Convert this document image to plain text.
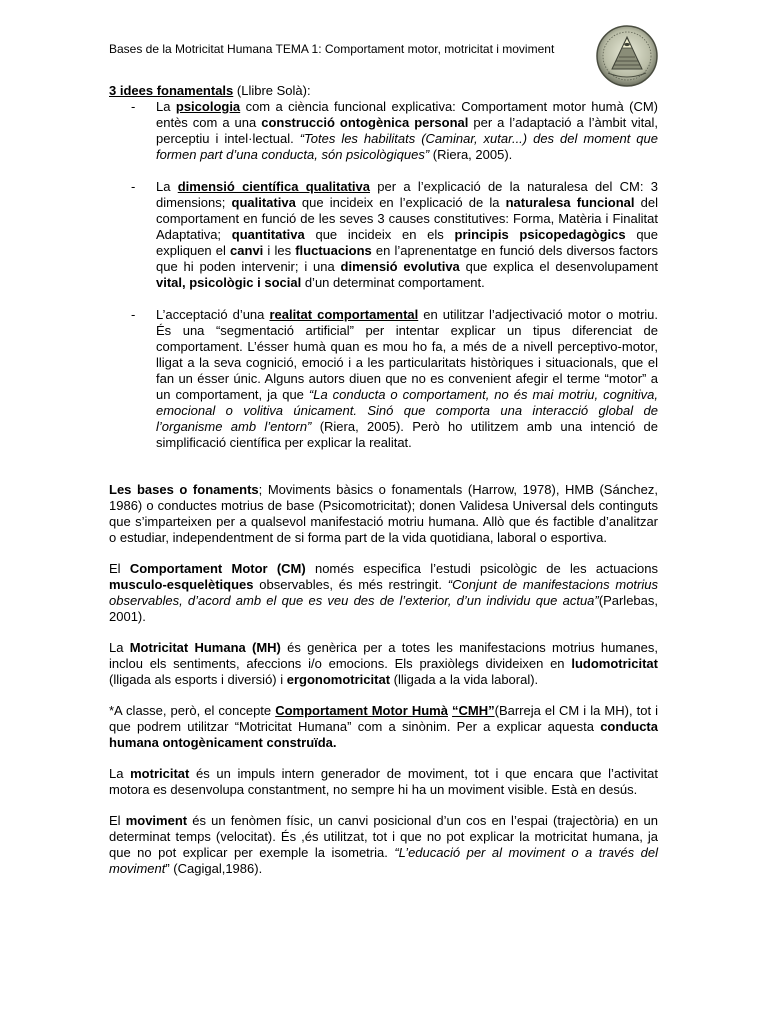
Bases de la Motricitat Humana TEMA 1: Comportament motor, motricitat i moviment

3 idees fonamentals (Llibre Solà):

- La psicologia com a ciència funcional explicativa: Comportament motor humà (CM) entès com a una construcció ontogènica personal per a l’adaptació a l’àmbit vital, perceptiu i intel·lectual. “Totes les habilitats (Caminar, xutar...) des del moment que formen part d’una conducta, són psicològiques” (Riera, 2005).
- La dimensió científica qualitativa per a l’explicació de la naturalesa del CM: 3 dimensions; qualitativa que incideix en l’explicació de la naturalesa funcional del comportament en funció de les seves 3 causes constitutives: Forma, Matèria i Finalitat Adaptativa; quantitativa que incideix en els principis psicopedagògics que expliquen el canvi i les fluctuacions en l’aprenentatge en funció dels diversos factors que hi poden intervenir; i una dimensió evolutiva que explica el desenvolupament vital, psicològic i social d’un determinat comportament.
- L’acceptació d’una realitat comportamental en utilitzar l’adjectivació motor o motriu. És una “segmentació artificial” per intentar explicar un tipus diferenciat de comportament. L’ésser humà quan es mou ho fa, a més de a nivell perceptivo-motor, lligat a la seva cognició, emoció i a les particularitats històriques i situacionals, que el fan un ésser únic. Alguns autors diuen que no es convenient afegir el terme “motor” a un comportament, ja que “La conducta o comportament, no és mai motriu, cognitiva, emocional o volitiva únicament. Sinó que comporta una interacció global de l’organisme amb l’entorn” (Riera, 2005). Però ho utilitzem amb una intenció de simplificació científica per explicar la realitat.

Les bases o fonaments; Moviments bàsics o fonamentals (Harrow, 1978), HMB (Sánchez, 1986) o conductes motrius de base (Psicomotricitat); donen Validesa Universal dels continguts que s’imparteixen per a qualsevol manifestació motriu humana. Allò que és factible d’analitzar o estudiar, independentment de si forma part de la vida quotidiana, laboral o esportiva.

El Comportament Motor (CM) només especifica l’estudi psicològic de les actuacions musculo-esquelètiques observables, és més restringit. “Conjunt de manifestacions motrius observables, d’acord amb el que es veu des de l’exterior, d’un individu que actua”(Parlebas, 2001).

La Motricitat Humana (MH) és genèrica per a totes les manifestacions motrius humanes, inclou els sentiments, afeccions i/o emocions. Els praxiòlegs divideixen en ludomotricitat (lligada als esports i diversió) i ergonomotricitat (lligada a la vida laboral).

*A classe, però, el concepte Comportament Motor Humà “CMH”(Barreja el CM i la MH), tot i que podrem utilitzar “Motricitat Humana” com a sinònim. Per a explicar aquesta conducta humana ontogènicament construïda.

La motricitat és un impuls intern generador de moviment, tot i que encara que l’activitat motora es desenvolupa constantment, no sempre hi ha un moviment visible. Està en desús.

El moviment és un fenòmen físic, un canvi posicional d’un cos en l’espai (trajectòria) en un determinat temps (velocitat). És ,és utilitzat, tot i que no pot explicar la motricitat humana, ja que no pot explicar per exemple la isometria. “L’educació per al moviment o a través del moviment” (Cagigal,1986).
